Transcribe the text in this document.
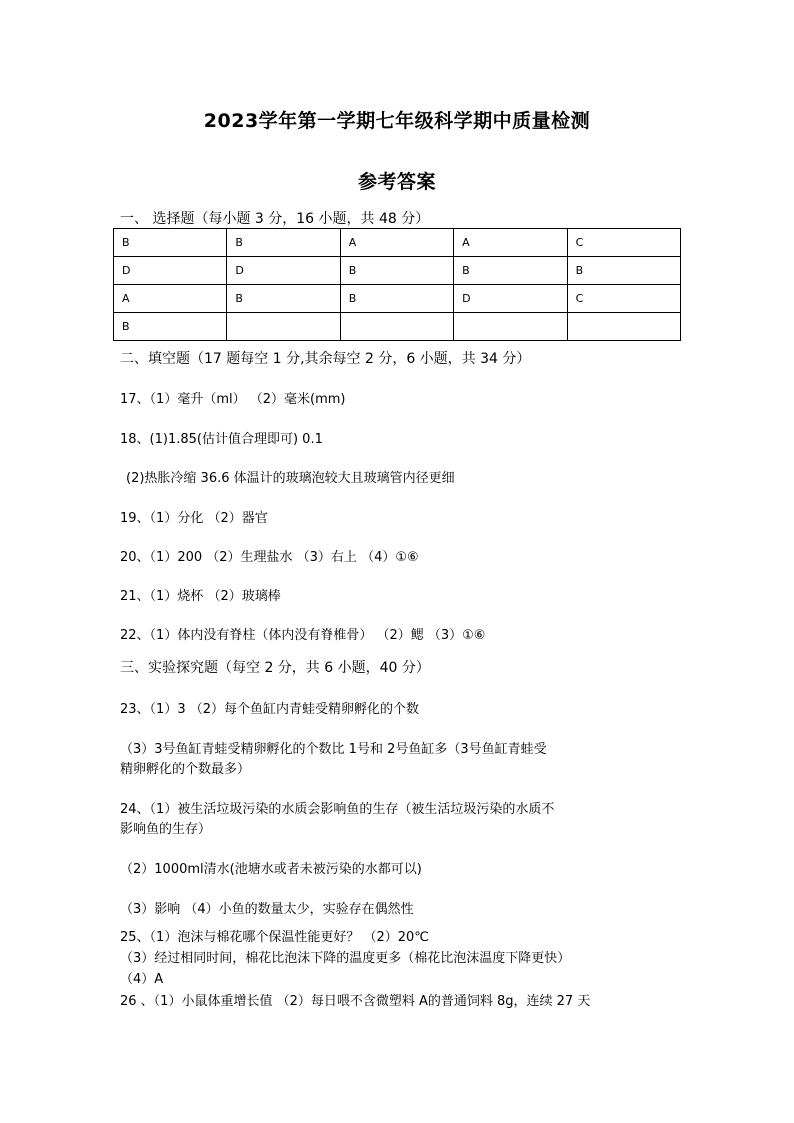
2023学年第一学期七年级科学期中质量检测
参考答案
一、 选择题（每小题 3 分，16 小题，共 48 分）
B	B	A	A	C
D	D	B	B	B
A	B	B	D	C
B				
二、填空题（17 题每空 1 分,其余每空 2 分，6 小题，共 34 分）
17、（1）毫升（ml） （2）毫米(mm)
18、(1)1.85(估计值合理即可) 0.1
(2)热胀冷缩 36.6 体温计的玻璃泡较大且玻璃管内径更细
19、（1）分化 （2）器官
20、（1）200 （2）生理盐水 （3）右上 （4）①⑥
21、（1）烧杯 （2）玻璃棒
22、（1）体内没有脊柱（体内没有脊椎骨） （2）鳃 （3）①⑥
三、实验探究题（每空 2 分，共 6 小题，40 分）
23、（1）3 （2）每个鱼缸内青蛙受精卵孵化的个数
（3）3号鱼缸青蛙受精卵孵化的个数比 1号和 2号鱼缸多（3号鱼缸青蛙受
精卵孵化的个数最多）
24、（1）被生活垃圾污染的水质会影响鱼的生存（被生活垃圾污染的水质不
影响鱼的生存）
（2）1000ml清水(池塘水或者未被污染的水都可以)
（3）影响 （4）小鱼的数量太少，实验存在偶然性
25、（1）泡沫与棉花哪个保温性能更好？ （2）20℃
（3）经过相同时间，棉花比泡沫下降的温度更多（棉花比泡沫温度下降更快）
（4）A
26 、（1）小鼠体重增长值 （2）每日喂不含微塑料 A的普通饲料 8g，连续 27 天
